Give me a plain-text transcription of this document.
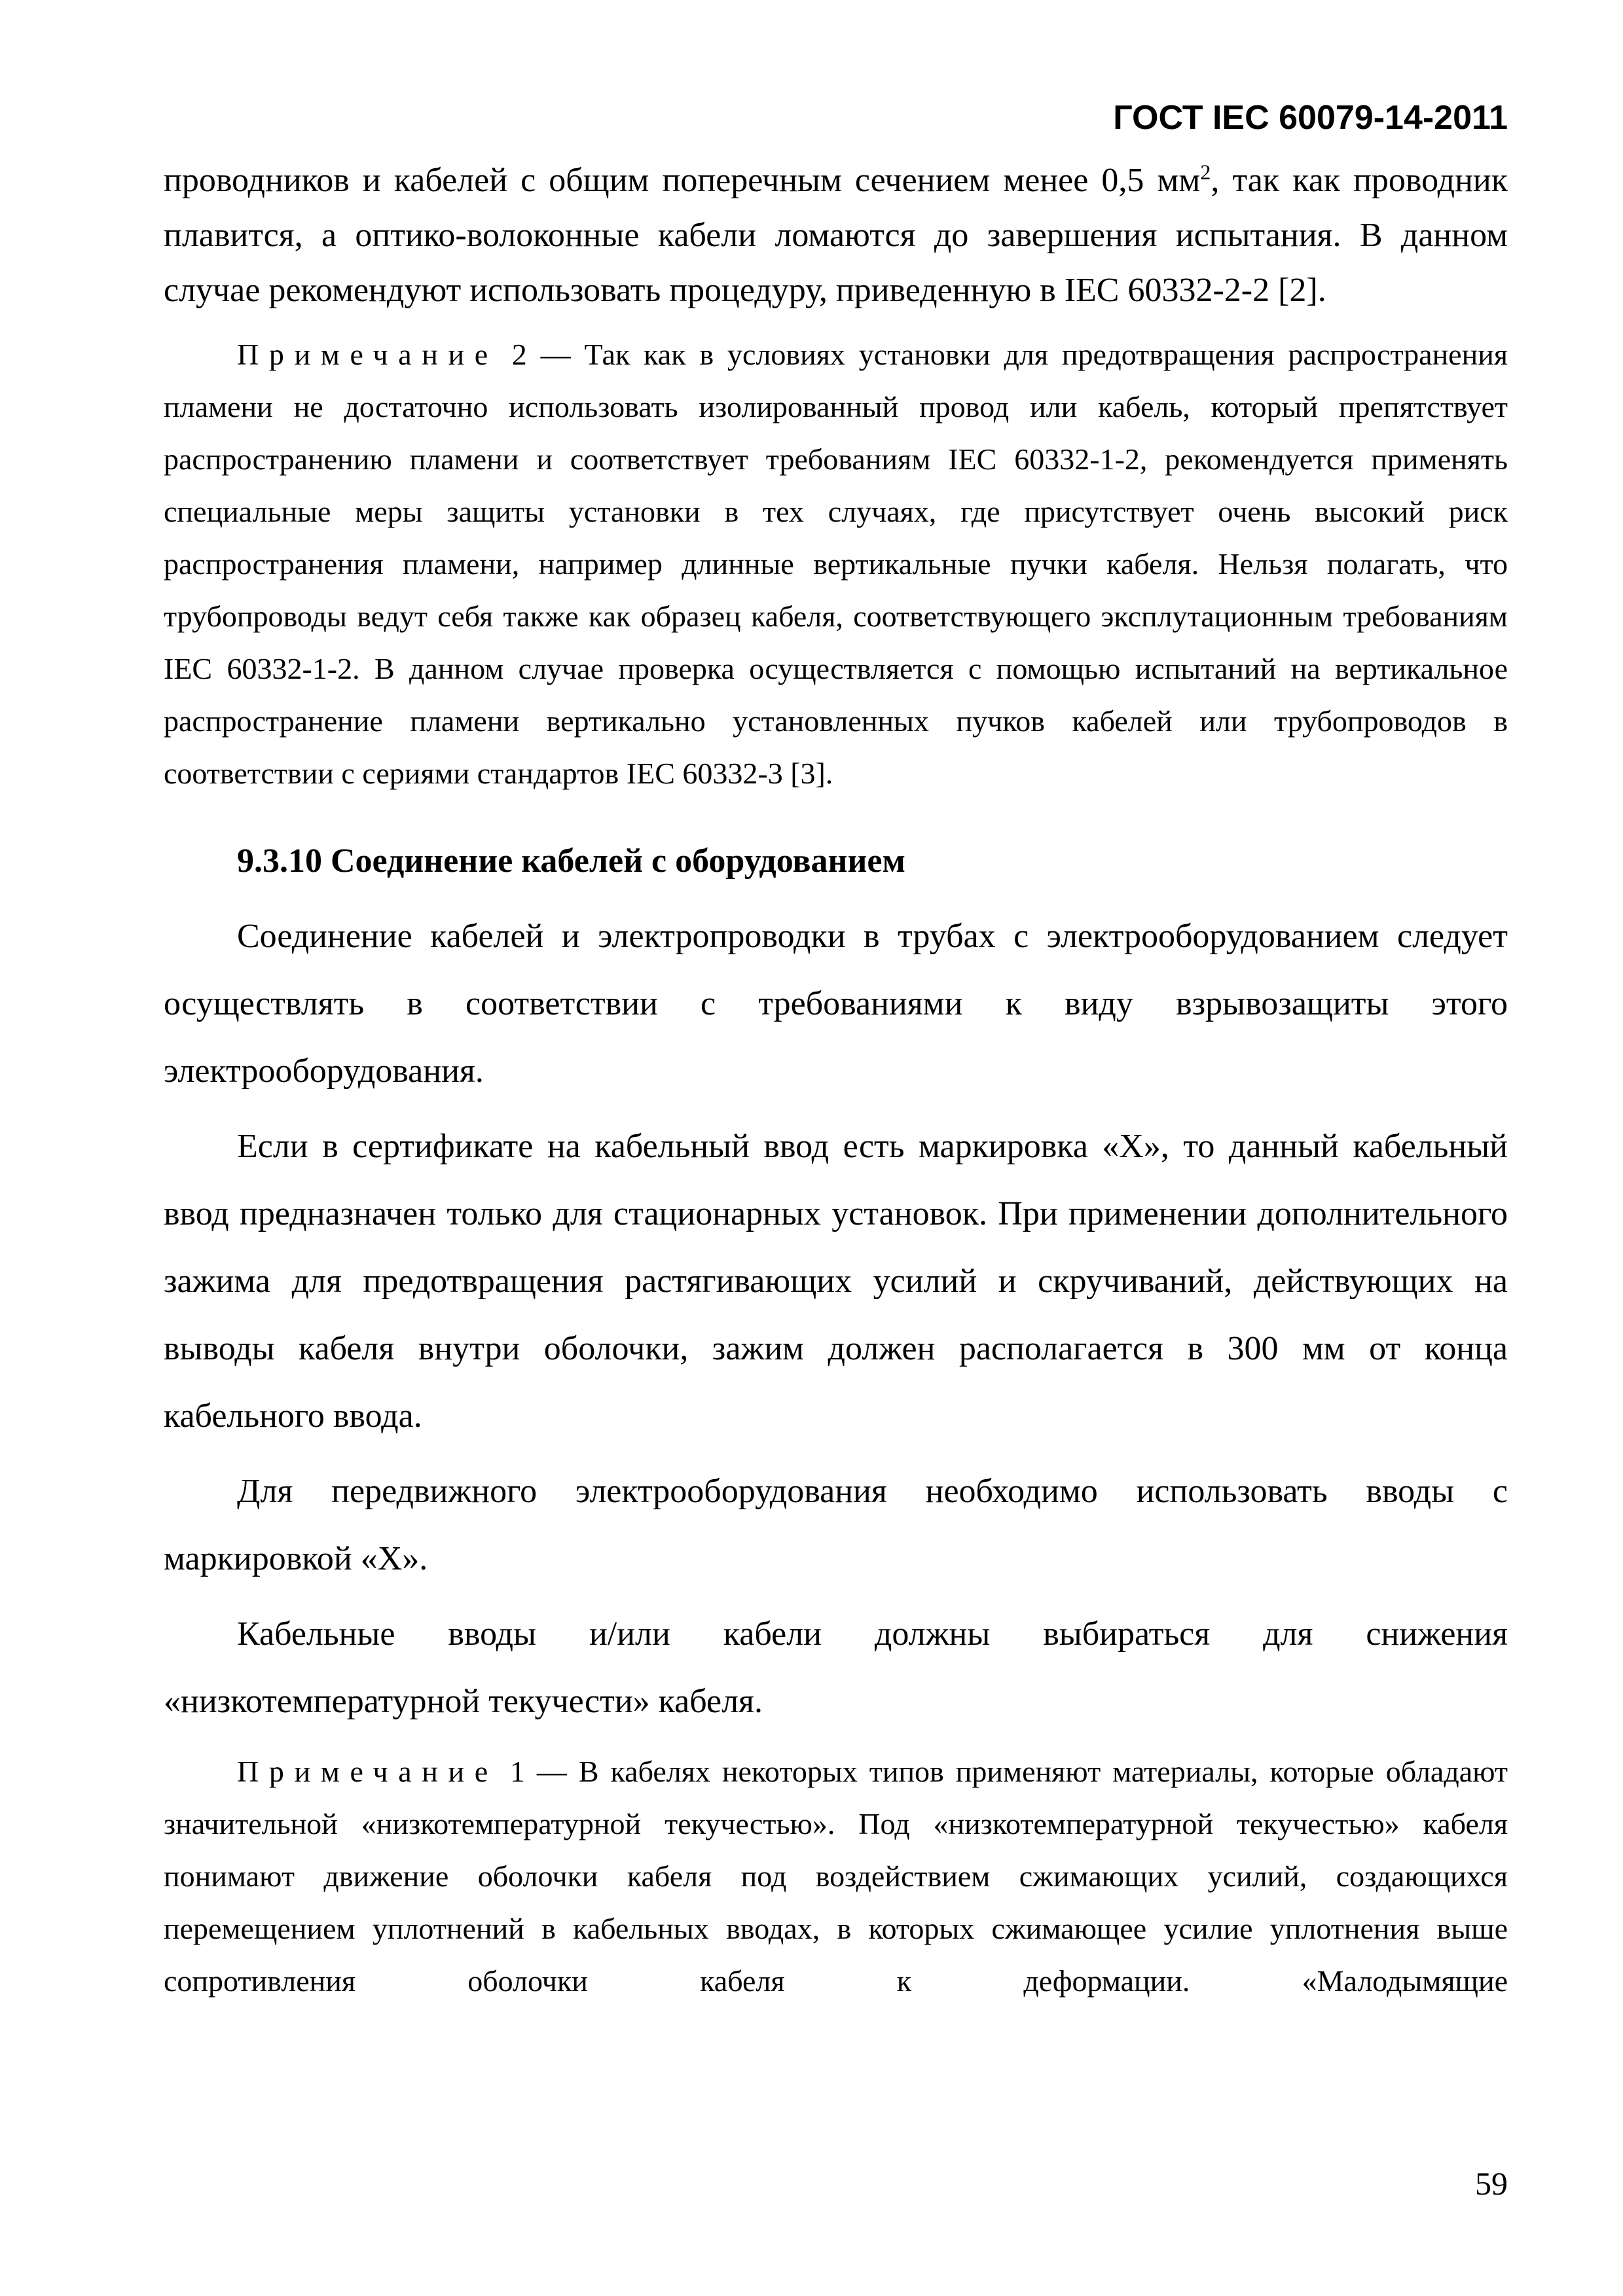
ГОСТ IEC 60079-14-2011

проводников и кабелей с общим поперечным сечением менее 0,5 $мм^2$, так как проводник плавится, а оптико-волоконные кабели ломаются до завершения испытания. В данном случае рекомендуют использовать процедуру, приведенную в IEC 60332-2-2 [2].

Примечание 2 — Так как в условиях установки для предотвращения распространения пламени не достаточно использовать изолированный провод или кабель, который препятствует распространению пламени и соответствует требованиям IEC 60332-1-2, рекомендуется применять специальные меры защиты установки в тех случаях, где присутствует очень высокий риск распространения пламени, например длинные вертикальные пучки кабеля. Нельзя полагать, что трубопроводы ведут себя также как образец кабеля, соответствующего эксплутационным требованиям IEC 60332-1-2. В данном случае проверка осуществляется с помощью испытаний на вертикальное распространение пламени вертикально установленных пучков кабелей или трубопроводов в соответствии с сериями стандартов IEC 60332-3 [3].

9.3.10 Соединение кабелей с оборудованием

Соединение кабелей и электропроводки в трубах с электрооборудованием следует осуществлять в соответствии с требованиями к виду взрывозащиты этого электрооборудования.

Если в сертификате на кабельный ввод есть маркировка «Х», то данный кабельный ввод предназначен только для стационарных установок. При применении дополнительного зажима для предотвращения растягивающих усилий и скручиваний, действующих на выводы кабеля внутри оболочки, зажим должен располагается в 300 мм от конца кабельного ввода.

Для передвижного электрооборудования необходимо использовать вводы с маркировкой «Х».

Кабельные вводы и/или кабели должны выбираться для снижения «низкотемпературной текучести» кабеля.

Примечание 1 — В кабелях некоторых типов применяют материалы, которые обладают значительной «низкотемпературной текучестью». Под «низкотемпературной текучестью» кабеля понимают движение оболочки кабеля под воздействием сжимающих усилий, создающихся перемещением уплотнений в кабельных вводах, в которых сжимающее усилие уплотнения выше сопротивления оболочки кабеля к деформации. «Малодымящие

59
